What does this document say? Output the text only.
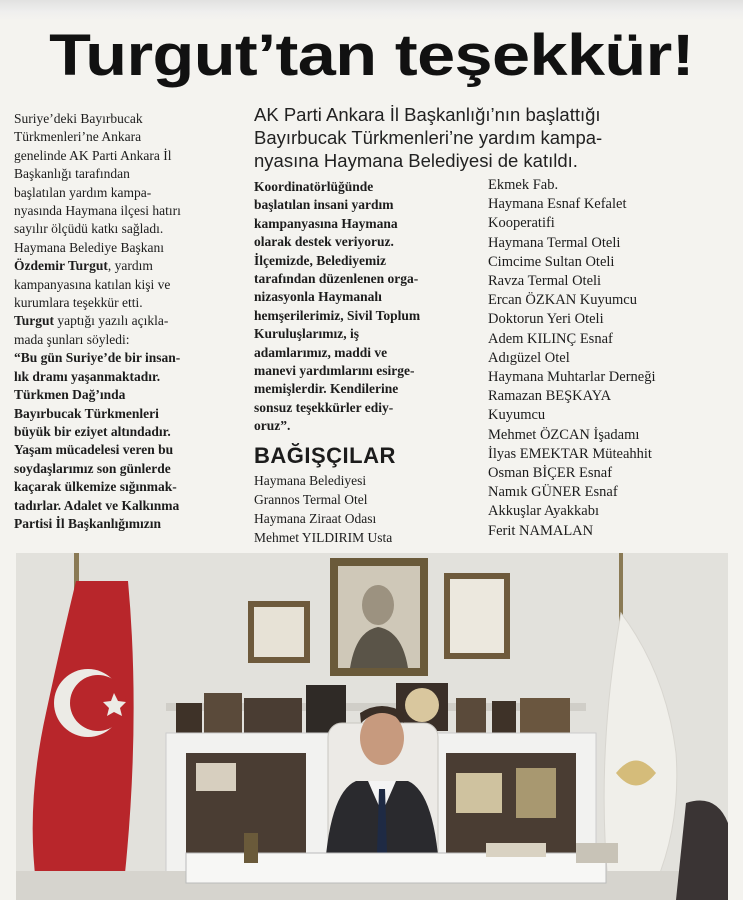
Turgut’tan teşekkür!

Suriye’deki Bayırbucak

Türkmenleri’ne Ankara

genelinde AK Parti Ankara İl

Başkanlığı tarafından

başlatılan yardım kampa-

nyasında Haymana ilçesi hatırı

sayılır ölçüdü katkı sağladı.

Haymana Belediye Başkanı

Özdemir Turgut, yardım

kampanyasına katılan kişi ve

kurumlara teşekkür etti.

Turgut yaptığı yazılı açıkla-

mada şunları söyledi:

“Bu gün Suriye’de bir insan-

lık dramı yaşanmaktadır.

Türkmen Dağ’ında

Bayırbucak Türkmenleri

büyük bir eziyet altındadır.

Yaşam mücadelesi veren bu

soydaşlarımız son günlerde

kaçarak ülkemize sığınmak-

tadırlar. Adalet ve Kalkınma

Partisi İl Başkanlığımızın

AK Parti Ankara İl Başkanlığı’nın başlattığı
Bayırbucak Türkmenleri’ne yardım kampa-
nyasına Haymana Belediyesi de katıldı.
Koordinatörlüğünde
başlatılan insani yardım
kampanyasına Haymana
olarak destek veriyoruz.
İlçemizde, Belediyemiz
tarafından düzenlenen orga-
nizasyonla Haymanalı
hemşerilerimiz, Sivil Toplum
Kuruluşlarımız, iş
adamlarımız, maddi ve
manevi yardımlarını esirge-
memişlerdir. Kendilerine
sonsuz teşekkürler ediy-
oruz”.
BAĞIŞÇILAR
Haymana Belediyesi
Grannos Termal Otel
Haymana Ziraat Odası
Mehmet YILDIRIM Usta
Ekmek Fab.
Haymana Esnaf Kefalet
Kooperatifi
Haymana Termal Oteli
Cimcime Sultan Oteli
Ravza Termal Oteli
Ercan ÖZKAN Kuyumcu
Doktorun Yeri Oteli
Adem KILINÇ Esnaf
Adıgüzel Otel
Haymana Muhtarlar Derneği
Ramazan BEŞKAYA
Kuyumcu
Mehmet ÖZCAN İşadamı
İlyas EMEKTAR Müteahhit
Osman BİÇER Esnaf
Namık GÜNER Esnaf
Akkuşlar Ayakkabı
Ferit NAMALAN
